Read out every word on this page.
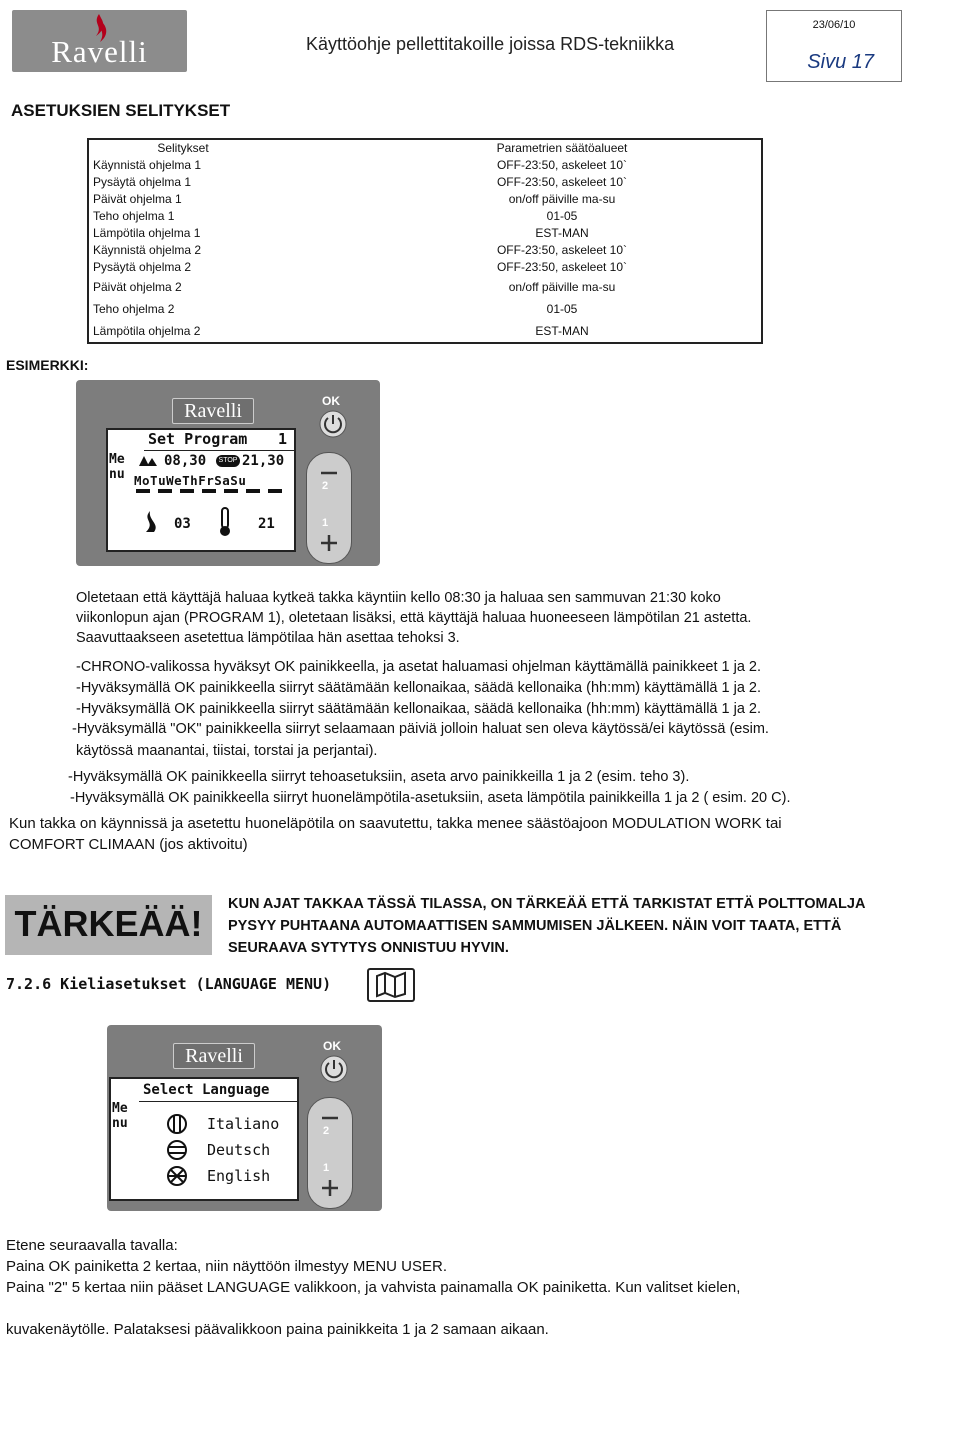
Ravelli	Käyttöohje pellettitakoille joissa RDS-tekniikka
23/06/10
Sivu 17
ASETUKSIEN SELITYKSET
Selitykset	Parametrien säätöalueet
Käynnistä ohjelma 1	OFF-23:50, askeleet 10`
Pysäytä ohjelma 1	OFF-23:50, askeleet 10`
Päivät ohjelma 1	on/off päiville ma-su
Teho ohjelma 1	01-05
Lämpötila ohjelma 1	EST-MAN
Käynnistä ohjelma 2	OFF-23:50, askeleet 10`
Pysäytä ohjelma 2	OFF-23:50, askeleet 10`
Päivät ohjelma 2	on/off päiville ma-su
Teho ohjelma 2	01-05
Lämpötila ohjelma 2	EST-MAN
ESIMERKKI:
Ravelli	OK
2
1
Menu
Set Program 1
08,30	STOP 21,30
MoTuWeThFrSaSu
03	21
Oletetaan että käyttäjä haluaa kytkeä takka käyntiin kello 08:30 ja haluaa sen sammuvan 21:30 koko
viikonlopun ajan (PROGRAM 1), oletetaan lisäksi, että käyttäjä haluaa huoneeseen lämpötilan 21 astetta.
Saavuttaakseen asetettua lämpötilaa hän asettaa tehoksi 3.
-CHRONO-valikossa hyväksyt OK painikkeella, ja asetat haluamasi ohjelman käyttämällä painikkeet 1 ja 2.
-Hyväksymällä OK painikkeella siirryt säätämään kellonaikaa, säädä kellonaika (hh:mm) käyttämällä 1 ja 2.
-Hyväksymällä OK painikkeella siirryt säätämään kellonaikaa, säädä kellonaika (hh:mm) käyttämällä 1 ja 2.
-Hyväksymällä "OK" painikkeella siirryt selaamaan päiviä jolloin haluat sen oleva käytössä/ei käytössä (esim.
käytössä maanantai, tiistai, torstai ja perjantai).
-Hyväksymällä OK painikkeella siirryt tehoasetuksiin, aseta arvo painikkeilla 1 ja 2 (esim. teho 3).
-Hyväksymällä OK painikkeella siirryt huonelämpötila-asetuksiin, aseta lämpötila painikkeilla 1 ja 2 ( esim. 20 C).
Kun takka on käynnissä ja asetettu huoneläpötila on saavutettu, takka menee säästöajoon MODULATION WORK tai
COMFORT CLIMAAN (jos aktivoitu)
TÄRKEÄÄ!	KUN AJAT TAKKAA TÄSSÄ TILASSA, ON TÄRKEÄÄ ETTÄ TARKISTAT ETTÄ POLTTOMALJA
PYSYY PUHTAANA AUTOMAATTISEN SAMMUMISEN JÄLKEEN. NÄIN VOIT TAATA, ETTÄ
SEURAAVA SYTYTYS ONNISTUU HYVIN.
7.2.6 Kieliasetukset (LANGUAGE MENU)
Ravelli	OK
2
1
Menu
Select Language
Italiano
Deutsch
English
Etene seuraavalla tavalla:
Paina OK painiketta 2 kertaa, niin näyttöön ilmestyy MENU USER.
Paina "2" 5 kertaa niin pääset LANGUAGE valikkoon, ja vahvista painamalla OK painiketta. Kun valitset kielen,
kuvakenäytölle. Palataksesi päävalikkoon paina painikkeita 1 ja 2 samaan aikaan.
